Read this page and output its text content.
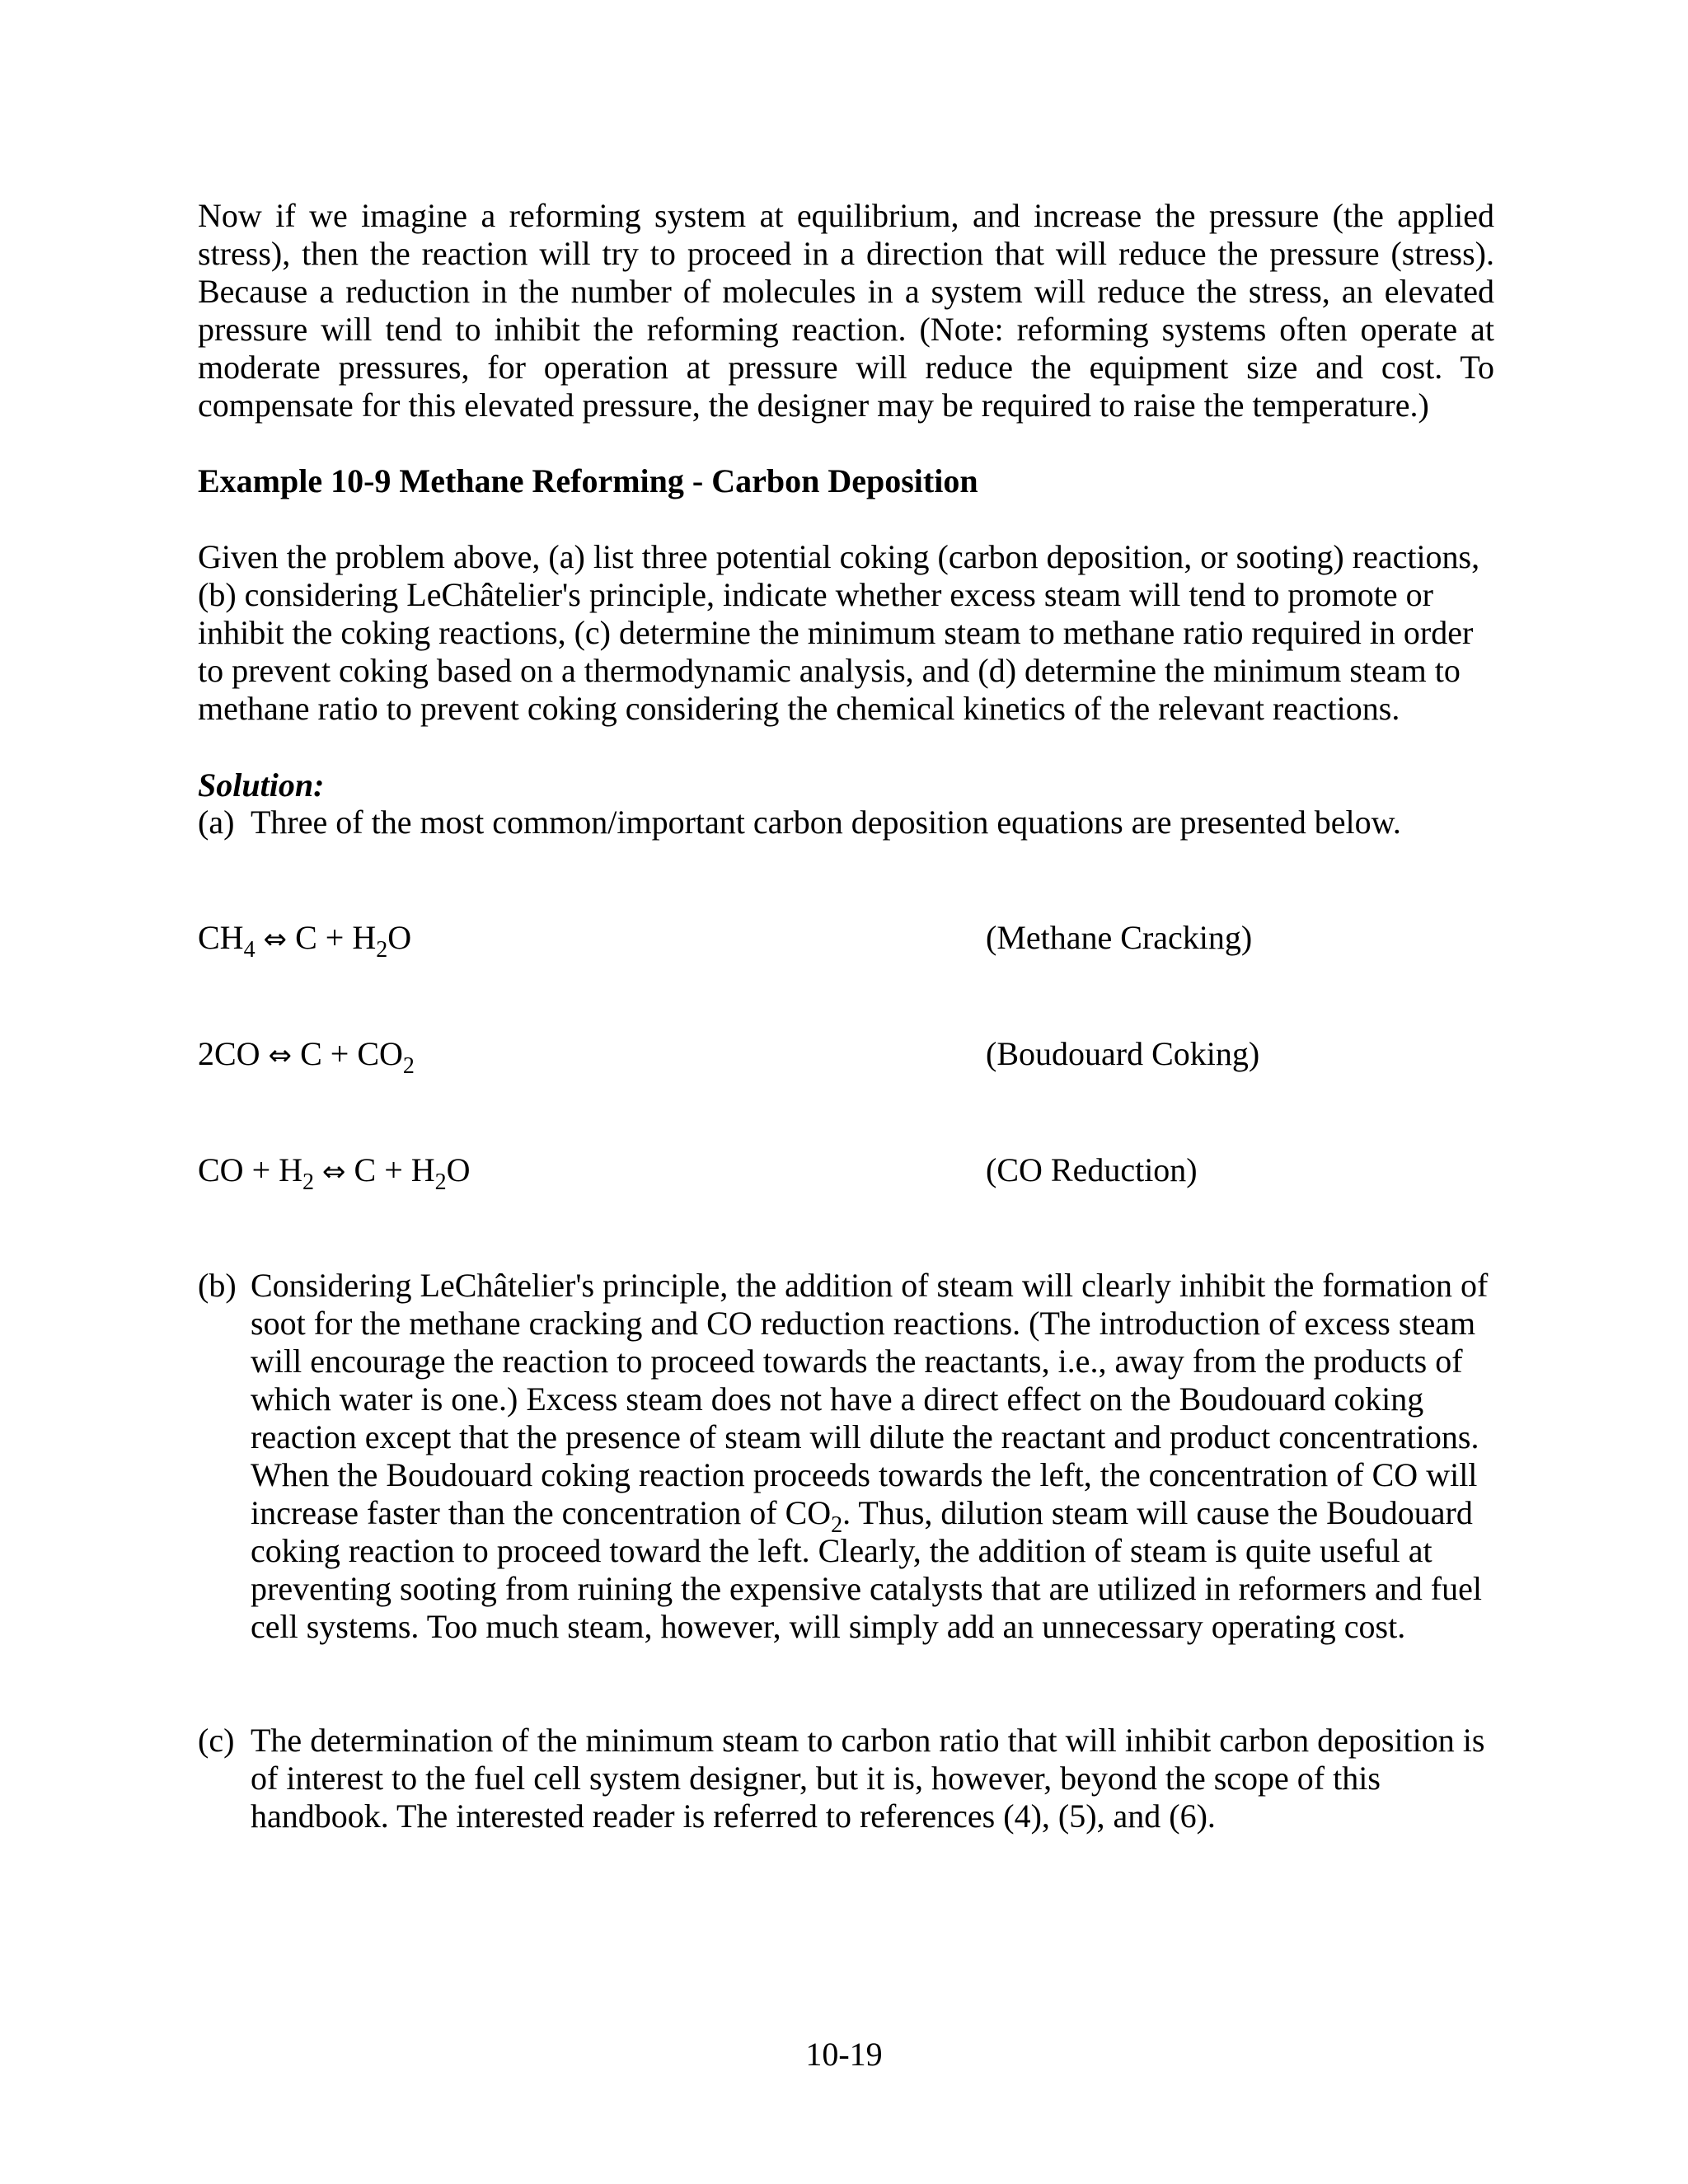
Now if we imagine a reforming system at equilibrium, and increase the pressure (the applied stress), then the reaction will try to proceed in a direction that will reduce the pressure (stress). Because a reduction in the number of molecules in a system will reduce the stress, an elevated pressure will tend to inhibit the reforming reaction. (Note: reforming systems often operate at moderate pressures, for operation at pressure will reduce the equipment size and cost. To compensate for this elevated pressure, the designer may be required to raise the temperature.)
Example 10-9 Methane Reforming - Carbon Deposition
Given the problem above, (a) list three potential coking (carbon deposition, or sooting) reactions, (b) considering LeChâtelier's principle, indicate whether excess steam will tend to promote or inhibit the coking reactions, (c) determine the minimum steam to methane ratio required in order to prevent coking based on a thermodynamic analysis, and (d) determine the minimum steam to methane ratio to prevent coking considering the chemical kinetics of the relevant reactions.
Solution:
(a) Three of the most common/important carbon deposition equations are presented below.
$CH_4$ ⇔ $C + H_2O$	(Methane Cracking)
2CO ⇔ $C + CO_2$	(Boudouard Coking)
CO + $H_2$ ⇔ $C + H_2O$	(CO Reduction)
(b) Considering LeChâtelier's principle, the addition of steam will clearly inhibit the formation of soot for the methane cracking and CO reduction reactions. (The introduction of excess steam will encourage the reaction to proceed towards the reactants, i.e., away from the products of which water is one.) Excess steam does not have a direct effect on the Boudouard coking reaction except that the presence of steam will dilute the reactant and product concentrations. When the Boudouard coking reaction proceeds towards the left, the concentration of CO will increase faster than the concentration of $CO_2$. Thus, dilution steam will cause the Boudouard coking reaction to proceed toward the left. Clearly, the addition of steam is quite useful at preventing sooting from ruining the expensive catalysts that are utilized in reformers and fuel cell systems. Too much steam, however, will simply add an unnecessary operating cost.
(c) The determination of the minimum steam to carbon ratio that will inhibit carbon deposition is of interest to the fuel cell system designer, but it is, however, beyond the scope of this handbook. The interested reader is referred to references (4), (5), and (6).
10-19
